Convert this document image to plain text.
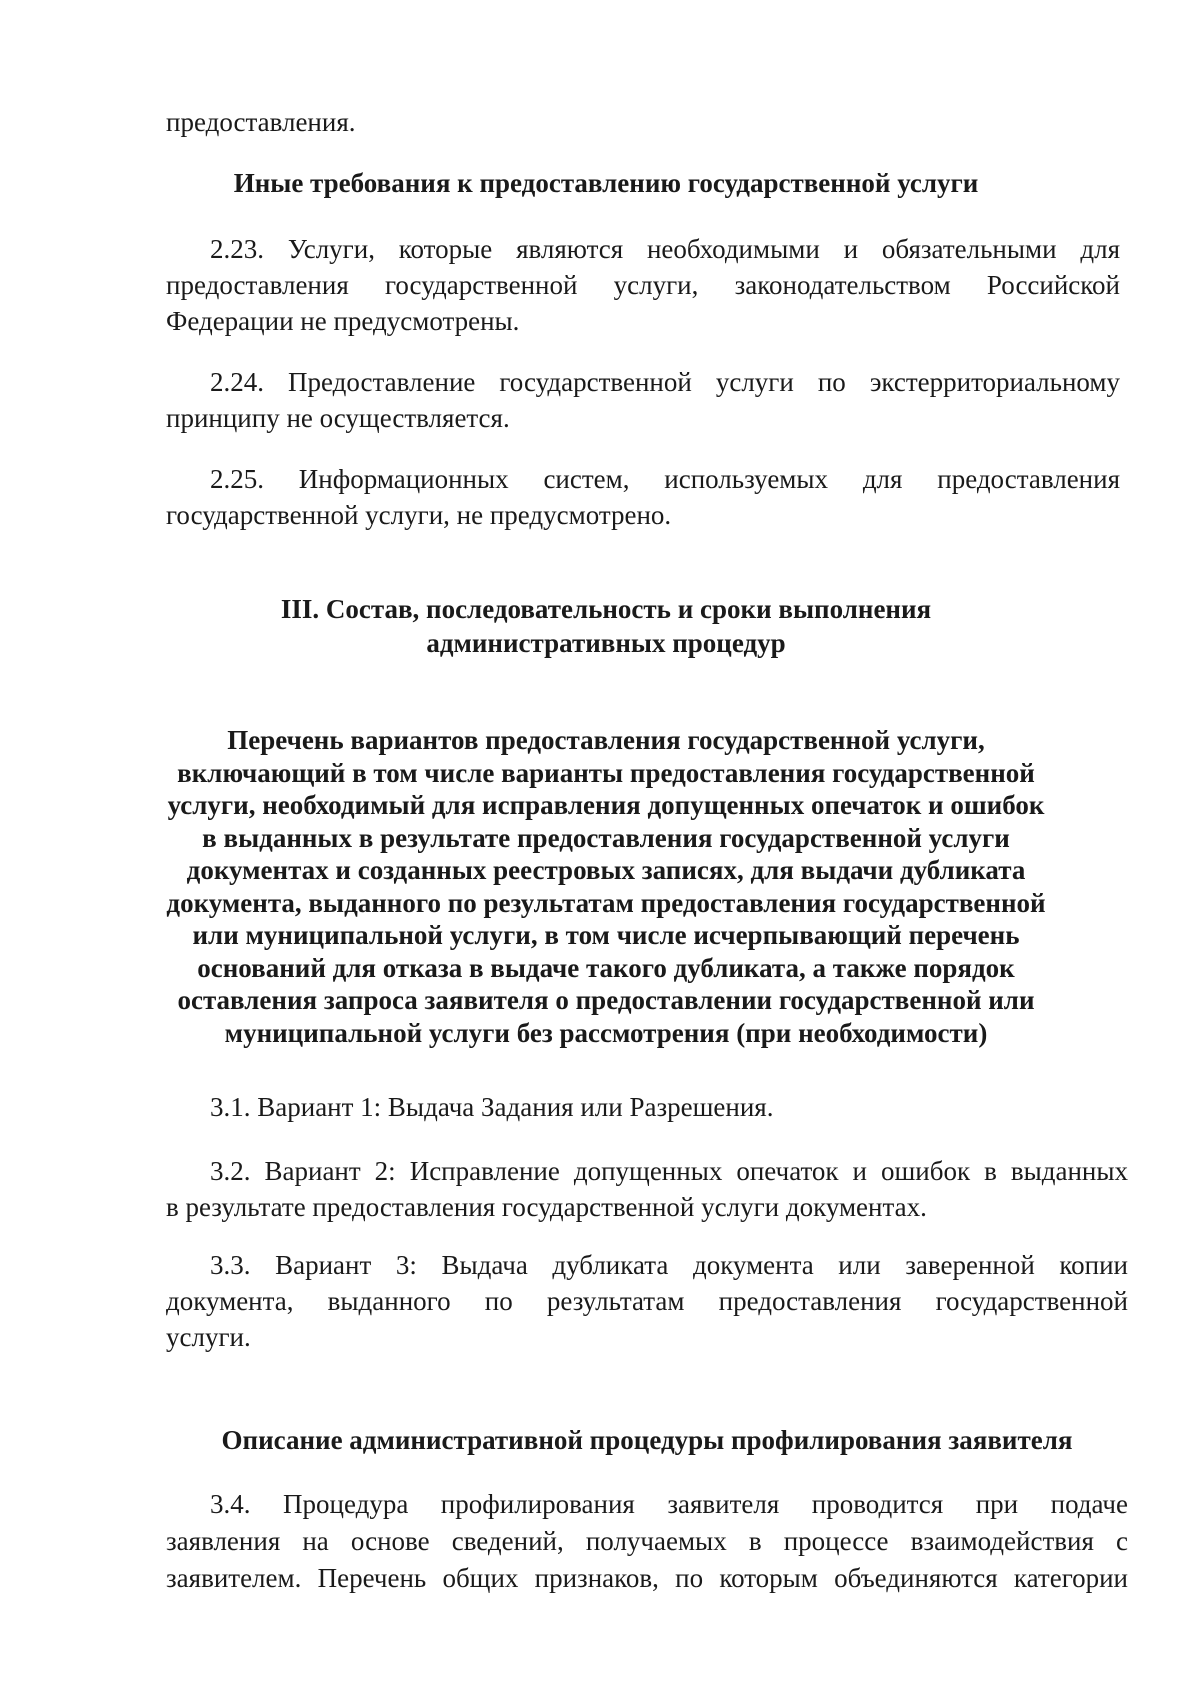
предоставления.
Иные требования к предоставлению государственной услуги
2.23. Услуги, которые являются необходимыми и обязательными для
предоставления государственной услуги, законодательством Российской
Федерации не предусмотрены.
2.24. Предоставление государственной услуги по экстерриториальному
принципу не осуществляется.
2.25. Информационных систем, используемых для предоставления
государственной услуги, не предусмотрено.
III. Состав, последовательность и сроки выполнения
административных процедур
Перечень вариантов предоставления государственной услуги,
включающий в том числе варианты предоставления государственной
услуги, необходимый для исправления допущенных опечаток и ошибок
в выданных в результате предоставления государственной услуги
документах и созданных реестровых записях, для выдачи дубликата
документа, выданного по результатам предоставления государственной
или муниципальной услуги, в том числе исчерпывающий перечень
оснований для отказа в выдаче такого дубликата, а также порядок
оставления запроса заявителя о предоставлении государственной или
муниципальной услуги без рассмотрения (при необходимости)
3.1. Вариант 1: Выдача Задания или Разрешения.
3.2. Вариант 2: Исправление допущенных опечаток и ошибок в выданных
в результате предоставления государственной услуги документах.
3.3. Вариант 3: Выдача дубликата документа или заверенной копии
документа, выданного по результатам предоставления государственной
услуги.
Описание административной процедуры профилирования заявителя
3.4. Процедура профилирования заявителя проводится при подаче
заявления на основе сведений, получаемых в процессе взаимодействия с
заявителем. Перечень общих признаков, по которым объединяются категории
